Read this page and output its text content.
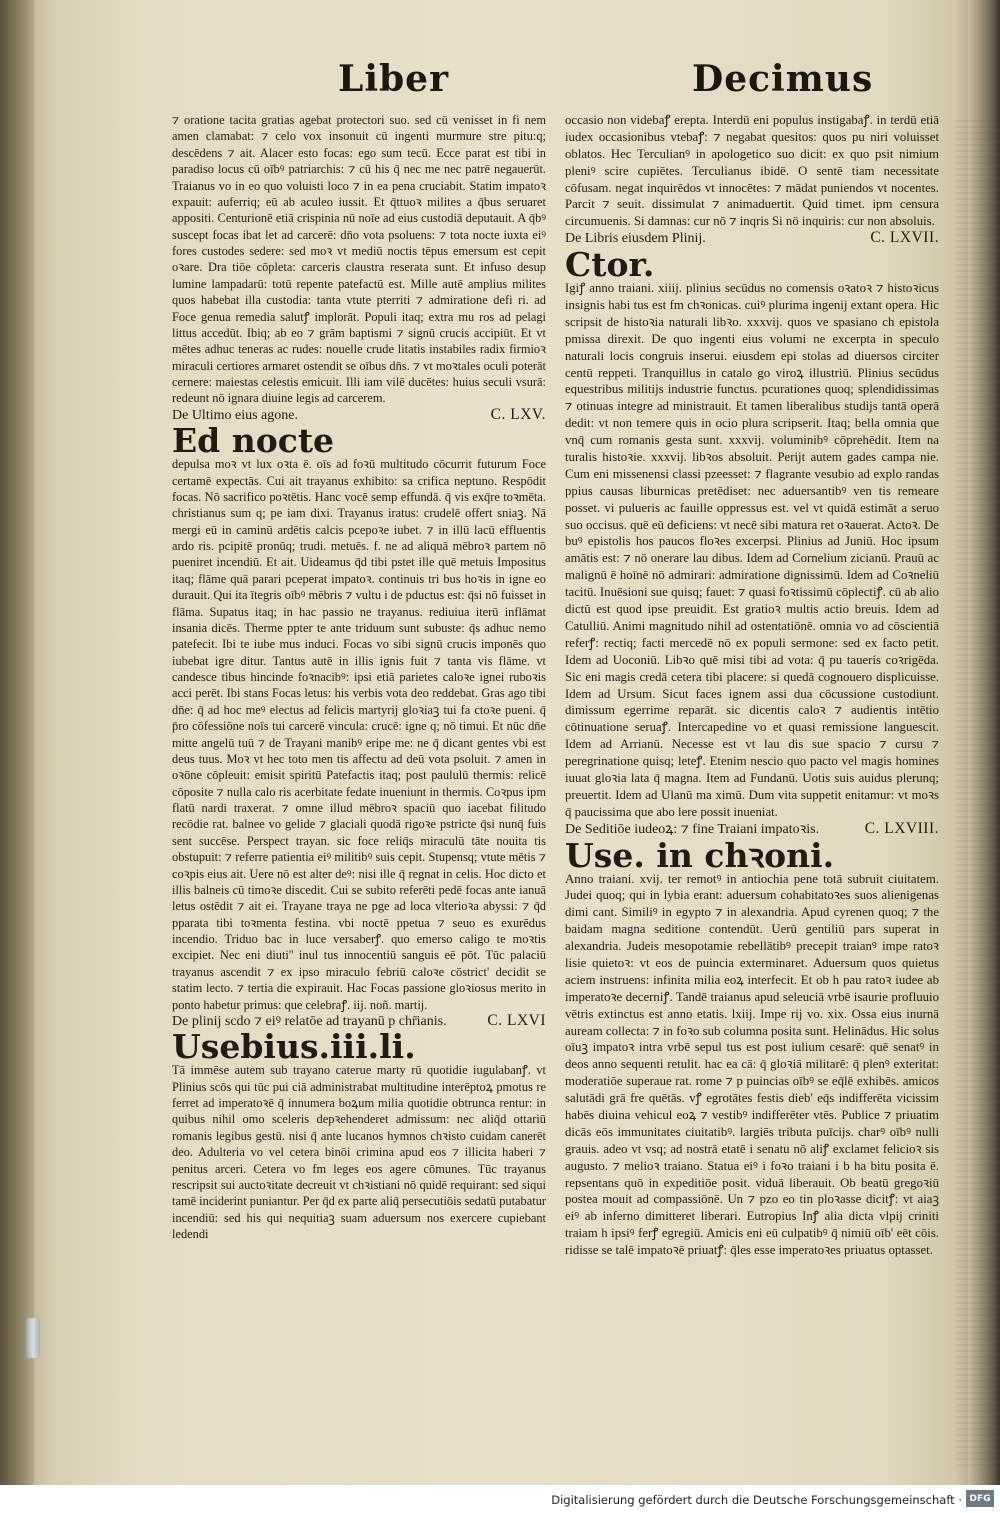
Liber	Decimus

⁊ oratione tacita gratias agebat protectori suo. sed cū venisset in fi nem amen clamabat: ⁊ celo vox insonuit cū ingenti murmure stre pitu:q; descēdens ⁊ ait. Alacer esto focas: ego sum tecū. Ecce parat est tibi in paradiso locus cū oībꝰ patriarchis: ⁊ cū his q̄ nec me nec patrē negauerūt. Traianus vo in eo quo voluisti loco ⁊ in ea pena cruciabit. Statim impatoꝛ expauit: auferriq; eū ab aculeo iussit. Et q̄ttuoꝛ milites a q̄bus seruaret appositi. Centurionē etiā crispinia nū noīe ad eius custodiā deputauit. A q̄bꝰ suscept focas ibat let ad carcerē: dn̄o vota psoluens: ⁊ tota nocte iuxta eiꝰ fores custodes sedere: sed moꝛ vt mediū noctis tēpus emersum est cepit oꝛare. Dra tiōe cōpleta: carceris claustra reserata sunt. Et infuso desup lumine lampadarū: totū repente patefactū est. Mille autē amplius milites quos habebat illa custodia: tanta vtute pterriti ⁊ admiratione defi ri. ad Foce genua remedia salutꝭ implorāt. Populi itaq; extra mu ros ad pelagi littus accedūt. Ibiq; ab eo ⁊ grām baptismi ⁊ signū crucis accipiūt. Et vt mētes adhuc teneras ac rudes: nouelle crude litatis instabiles radix firmioꝛ miraculi certiores armaret ostendit se oībus dn̄s. ⁊ vt moꝛtales oculi poterāt cernere: maiestas celestis emicuit. Illi iam vilē ducētes: huius seculi vsurā: redeunt nō ignara diuine legis ad carcerem.

De Ultimo eius agone.	C. LXV.
Ed nocte

depulsa moꝛ vt lux oꝛta ē. oīs ad foꝛū multitudo cōcurrit futurum Foce certamē expectās. Cui ait trayanus exhibito: sa crifica neptuno. Respōdit focas. Nō sacrifico poꝛtētis. Hanc vocē semp effundā. q̄ vis exq̄re toꝛmēta. christianus sum q; pe iam dixi. Trayanus iratus: crudelē offert sniaꝫ. Nā mergi eū in caminū ardētis calcis pcepoꝛe iubet. ⁊ in illū lacū effluentis ardo ris. pcipitē pronūq; trudi. metuēs. f. ne ad aliquā mēbroꝛ partem nō pueniret incendiū. Et ait. Uideamus q̄d tibi pstet ille quē metuis Impositus itaq; flāme quā parari pceperat impatoꝛ. continuis tri bus hoꝛis in igne eo durauit. Qui ita ītegris oībꝰ mēbris ⁊ vultu i de pductus est: q̄si nō fuisset in flāma. Supatus itaq; in hac passio ne trayanus. rediuiua iterū inflāmat insania dicēs. Therme ppter te ante triduum sunt subuste: q̄s adhuc nemo patefecit. Ibi te iube mus induci. Focas vo sibi signū crucis imponēs quo iubebat igre ditur. Tantus autē in illis ignis fuit ⁊ tanta vis flāme. vt candesce tibus hincinde foꝛnacibꝰ: ipsi etiā parietes caloꝛe ignei ruboꝛis acci perēt. Ibi stans Focas letus: his verbis vota deo reddebat. Gras ago tibi dn̄e: q̄ ad hoc meꝰ electus ad felicis martyrij gloꝛiaꝫ tui fa ctoꝛe pueni. q̄ p̄ro cōfessiōne noīs tui carcerē vincula: crucē: igne q; nō timui. Et nūc dn̄e mitte angelū tuū ⁊ de Trayani manibꝰ eripe me: ne q̄ dicant gentes vbi est deus tuus. Moꝛ vt hec toto men tis affectu ad deū vota psoluit. ⁊ amen in oꝛōne cōpleuit: emisit spiritū Patefactis itaq; post paululū thermis: relicē cōposite ⁊ nulla calo ris acerbitate fedate inueniunt in thermis. Coꝛpus ipm flatū nardi traxerat. ⁊ omne illud mēbroꝛ spaciū quo iacebat filitudo recōdie rat. balnee vo gelide ⁊ glaciali quodā rigoꝛe pstricte q̄si nunq̄ fuis sent succēse. Perspect trayan. sic foce reliq̄s miraculū tāte nouita tis obstupuit: ⁊ referre patientia eiꝰ militibꝰ suis cepit. Stupensq; vtute mētis ⁊ coꝛpis eius ait. Uere nō est alter deꝰ: nisi ille q̄ regnat in celis. Hoc dicto et illis balneis cū timoꝛe discedit. Cui se subito referēti pedē focas ante ianuā letus ostēdit ⁊ ait ei. Trayane traya ne pge ad loca vlterioꝛa abyssi: ⁊ q̄d pparata tibi toꝛmenta festina. vbi noctē ppetua ⁊ seuo es exurēdus incendio. Triduo bac in luce versaberꝭ. quo emerso caligo te moꝛtis excipiet. Nec eni diuti'' inul tus innocentiū sanguis eē pōt. Tūc palaciū trayanus ascendit ⁊ ex ipso miraculo febriū caloꝛe cōstrict' decidit se statim lecto. ⁊ tertia die expirauit. Hac Focas passione gloꝛiosus merito in ponto habetur primus: que celebraꝭ. iij. noñ. martij.

De plinij scdo ⁊ eiꝰ relatōe ad trayanū p chr̄ianis.	C. LXVI
Usebius.iii.li.

Tā immēse autem sub trayano caterue marty rū quotidie iugulabanꝭ. vt Plinius scōs qui tūc pui ciā administrabat multitudine interēptoꝝ pmotus re ferret ad imperatoꝛē q̄ innumera boꝝum milia quotidie obtrunca rentur: in quibus nihil omo sceleris depꝛehenderet admissum: nec aliq̄d ottariū romanis legibus gestū. nisi q̄ ante lucanos hymnos chꝛisto cuidam canerēt deo. Adulteria vo vel cetera binōi crimina apud eos ⁊ illicita haberi ⁊ penitus arceri. Cetera vo fm leges eos agere cōmunes. Tūc trayanus rescripsit sui auctoꝛitate decreuit vt chꝛistiani nō quidē requirant: sed siqui tamē inciderint puniantur. Per q̄d ex parte aliq̄ persecutiōis sedatū putabatur incendiū: sed his qui nequitiaꝫ suam aduersum nos exercere cupiebant ledendi

occasio non videbaꝭ erepta. Interdū eni populus instigabaꝭ. in terdū etiā iudex occasionibus vtebaꝭ: ⁊ negabat quesitos: quos pu niri voluisset oblatos. Hec Terculianꝰ in apologetico suo dicit: ex quo psit nimium pleniꝰ scire cupiētes. Terculianus ibidē. O sentē tiam necessitate cōfusam. negat inquirēdos vt innocētes: ⁊ mādat puniendos vt nocentes. Parcit ⁊ seuit. dissimulat ⁊ animaduertit. Quid timet. ipm censura circumuenis. Si damnas: cur nō ⁊ inqris Si nō inquiris: cur non absoluis.

De Libris eiusdem Plinij.	C. LXVII.
Ctor.

Igiꝭ anno traiani. xiiij. plinius secūdus no comensis oꝛatoꝛ ⁊ histoꝛicus insignis habi tus est fm chꝛonicas. cuiꝰ plurima ingenij extant opera. Hic scripsit de histoꝛia naturali libꝛo. xxxvij. quos ve spasiano ch epistola pmissa direxit. De quo ingenti eius volumi ne excerpta in speculo naturali locis congruis inserui. eiusdem epi stolas ad diuersos circiter centū reppeti. Tranquillus in catalo go viroꝝ illustriū. Plinius secūdus equestribus militijs industrie functus. pcurationes quoq; splendidissimas ⁊ otinuas integre ad ministrauit. Et tamen liberalibus studijs tantā operā dedit: vt non temere quis in ocio plura scripserit. Itaq; bella omnia que vnq̄ cum romanis gesta sunt. xxxvij. voluminibꝰ cōprehēdit. Item na turalis histoꝛie. xxxvij. libꝛos absoluit. Perijt autem gades campa nie. Cum eni missenensi classi pzeesset: ⁊ flagrante vesubio ad explo randas ppius causas liburnicas pretēdiset: nec aduersantibꝰ ven tis remeare posset. vi pulueris ac fauille oppressus est. vel vt quidā estimāt a seruo suo occisus. quē eū deficiens: vt necē sibi matura ret oꝛauerat. Actoꝛ. De buꝰ epistolis hos paucos floꝛes excerpsi. Plinius ad Juniū. Hoc ipsum amātis est: ⁊ nō onerare lau dibus. Idem ad Cornelium zicianū. Prauū ac malignū ē hoīnē nō admirari: admiratione dignissimū. Idem ad Coꝛneliū tacitū. Inuēsioni sue quisq; fauet: ⁊ quasi foꝛtissimū cōplectiꝭ. cū ab alio dictū est quod ipse preuidit. Est gratioꝛ multis actio breuis. Idem ad Catulliū. Animi magnitudo nihil ad ostentatiōnē. omnia vo ad cōscientiā referꝭ: rectiq; facti mercedē nō ex populi sermone: sed ex facto petit. Idem ad Uoconiū. Libꝛo quē misi tibi ad vota: q̄ pu tauerís coꝛrigēda. Sic eni magis credā cetera tibi placere: si quedā cognouero displicuisse. Idem ad Ursum. Sicut faces ignem assi dua cōcussione custodiunt. dimissum egerrime reparāt. sic dicentis caloꝛ ⁊ audientis intētio cōtinuatione seruaꝭ. Intercapedine vo et quasi remissione languescit. Idem ad Arrianū. Necesse est vt lau dis sue spacio ⁊ cursu ⁊ peregrinatione quisq; leteꝭ. Etenim nescio quo pacto vel magis homines iuuat gloꝛia lata q̄ magna. Item ad Fundanū. Uotis suis auidus plerunq; preuertit. Idem ad Ulanū ma ximū. Dum vita suppetit enitamur: vt moꝛs q̄ paucissima que abo lere possit inueniat.

De Seditiōe iudeoꝝ: ⁊ fine Traiani impatoꝛis.	C. LXVIII.
Use. in chꝛoni.

Anno traiani. xvij. ter remotꝰ in antiochia pene totā subruit ciuitatem. Judei quoq; qui in lybia erant: aduersum cohabitatoꝛes suos alienigenas dimi cant. Similiꝰ in egypto ⁊ in alexandria. Apud cyrenen quoq; ⁊ the baidam magna seditione contendūt. Uerū gentiliū pars superat in alexandria. Judeis mesopotamie rebellātibꝰ precepit traianꝰ impe ratoꝛ lisie quietoꝛ: vt eos de puincia exterminaret. Aduersum quos quietus aciem instruens: infinita milia eoꝝ interfecit. Et ob h pau ratoꝛ iudee ab imperatoꝛe decerniꝭ. Tandē traianus apud seleuciā vrbē isaurie profluuio vētris extinctus est anno etatis. lxiij. Impe rij vo. xix. Ossa eius inurnā auream collecta: ⁊ in foꝛo sub columna posita sunt. Helinādus. Hic solus oīuꝫ impatoꝛ intra vrbē sepul tus est post iulium cesarē: quē senatꝰ in deos anno sequenti retulit. hac ea cā: q̄ gloꝛiā militarē: q̄ plenꝰ exteritat: moderatiōe superaue rat. rome ⁊ p puincias oībꝰ se eq̄lē exhibēs. amicos salutādi grā fre quētās. vꝭ egrotātes festis dieb' eq̄s indifferēta vicissim habēs diuina vehicul eoꝝ ⁊ vestibꝰ indifferēter vtēs. Publice ⁊ priuatim dicās eōs immunitates ciuitatibꝰ. largiēs tributa puīcijs. charꝰ oībꝰ nulli grauis. adeo vt vsq; ad nostrā etatē i senatu nō aliꝭ exclamet felicioꝛ sis augusto. ⁊ melioꝛ traiano. Statua eiꝰ i foꝛo traiani i b ha bitu posita ē. repsentans quō in expeditiōe posit. viduā liberauit. Ob beatū gregoꝛiū postea mouit ad compassiōnē. Un ⁊ pzo eo tin ploꝛasse dicitꝭ: vt aiaꝫ eiꝰ ab inferno dimitteret liberari. Eutropius Inꝭ alia dicta vlpij criniti traiam h ipsiꝰ ferꝭ egregiū. Amicis eni eū culpatibꝰ q̄ nimiū oīb' eēt cōis. ridisse se talē impatoꝛē priuatꝭ: q̄les esse imperatoꝛes priuatus optasset.

Digitalisierung gefördert durch die Deutsche Forschungsgemeinschaft · DFG
